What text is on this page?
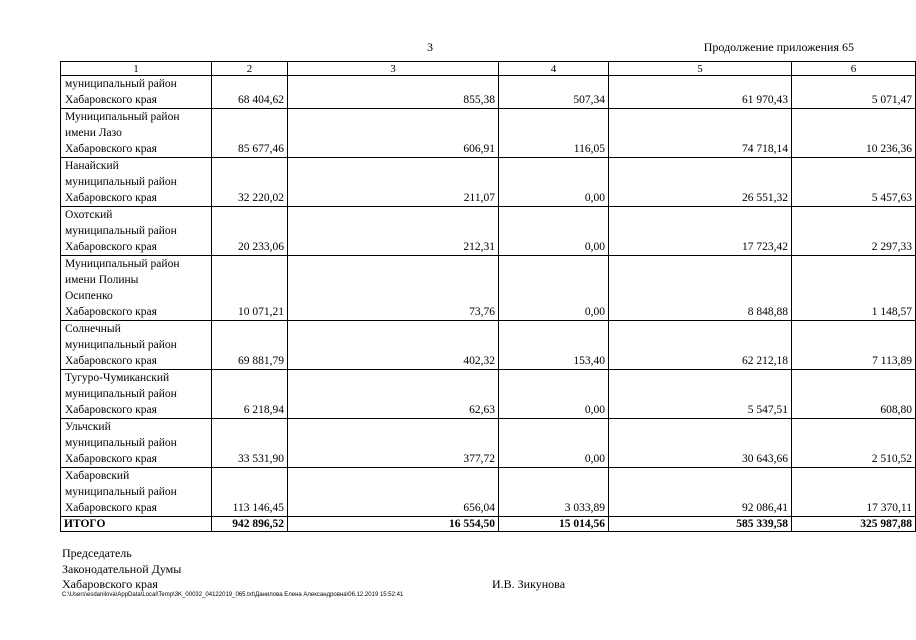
3	Продолжение приложения 65
1	2	3	4	5	6

муниципальный район
Хабаровского края	68 404,62	855,38	507,34	61 970,43	5 071,47

Муниципальный район
имени Лазо
Хабаровского края	85 677,46	606,91	116,05	74 718,14	10 236,36

Нанайский
муниципальный район
Хабаровского края	32 220,02	211,07	0,00	26 551,32	5 457,63

Охотский
муниципальный район
Хабаровского края	20 233,06	212,31	0,00	17 723,42	2 297,33

Муниципальный район
имени Полины
Осипенко
Хабаровского края	10 071,21	73,76	0,00	8 848,88	1 148,57

Солнечный
муниципальный район
Хабаровского края	69 881,79	402,32	153,40	62 212,18	7 113,89

Тугуро-Чумиканский
муниципальный район
Хабаровского края	6 218,94	62,63	0,00	5 547,51	608,80

Ульчский
муниципальный район
Хабаровского края	33 531,90	377,72	0,00	30 643,66	2 510,52

Хабаровский
муниципальный район
Хабаровского края	113 146,45	656,04	3 033,89	92 086,41	17 370,11
ИТОГО	942 896,52	16 554,50	15 014,56	585 339,58	325 987,88
Председатель
Законодательной Думы
Хабаровского края	И.В. Зикунова
C:\Users\esdanilova\AppData\Local\Temp\3K_00032_04122019_065.txt\Данилова Елена Александровна\06.12.2019 15:52:41
